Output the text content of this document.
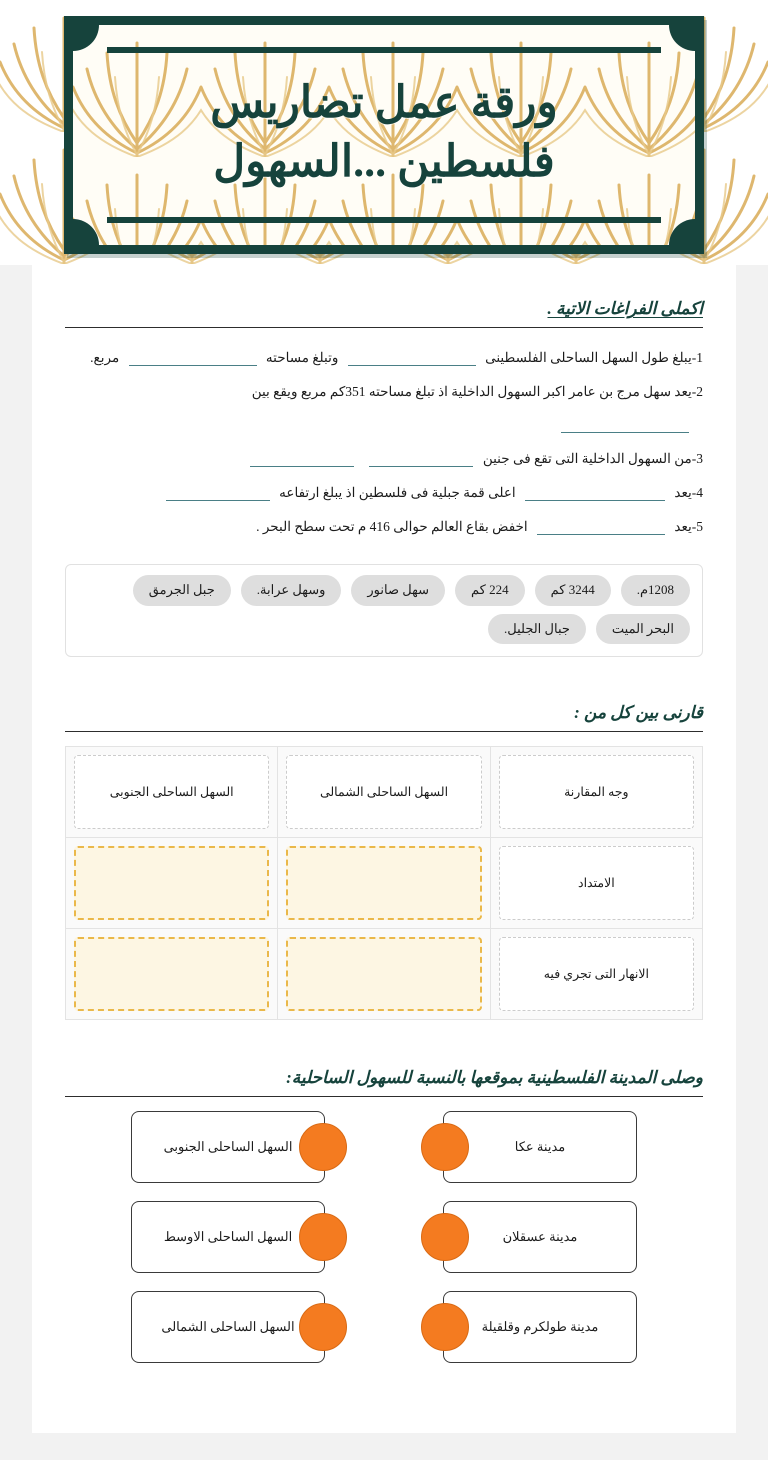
ورقة عمل تضاريس
فلسطين ...السهول
اكملى الفراغات الاتية .
1-يبلغ طول السهل الساحلى الفلسطينى  وتبلغ مساحته  مربع.
2-يعد سهل مرج بن عامر اكبر السهول الداخلية اذ تبلغ مساحته 351كم مربع ويقع بين
3-من السهول الداخلية التى تقع فى جنين
4-يعد  اعلى قمة جبلية فى فلسطين اذ يبلغ ارتفاعه
5-يعد  اخفض بقاع العالم حوالى 416 م تحت سطح البحر .
1208م.
3244 كم
224 كم
سهل صانور
وسهل عرابة.
جبل الجرمق
البحر الميت
جبال الجليل.
قارنى بين كل من :
وجه المقارنة	السهل الساحلى الشمالى	السهل الساحلى الجنوبى

الامتداد		

الانهار التى تجري فيه		

وصلى المدينة الفلسطينية بموقعها بالنسبة للسهول الساحلية:
مدينة عكا
السهل الساحلى الجنوبى
مدينة عسقلان
السهل الساحلى الاوسط
مدينة طولكرم وقلقيلة
السهل الساحلى الشمالى
